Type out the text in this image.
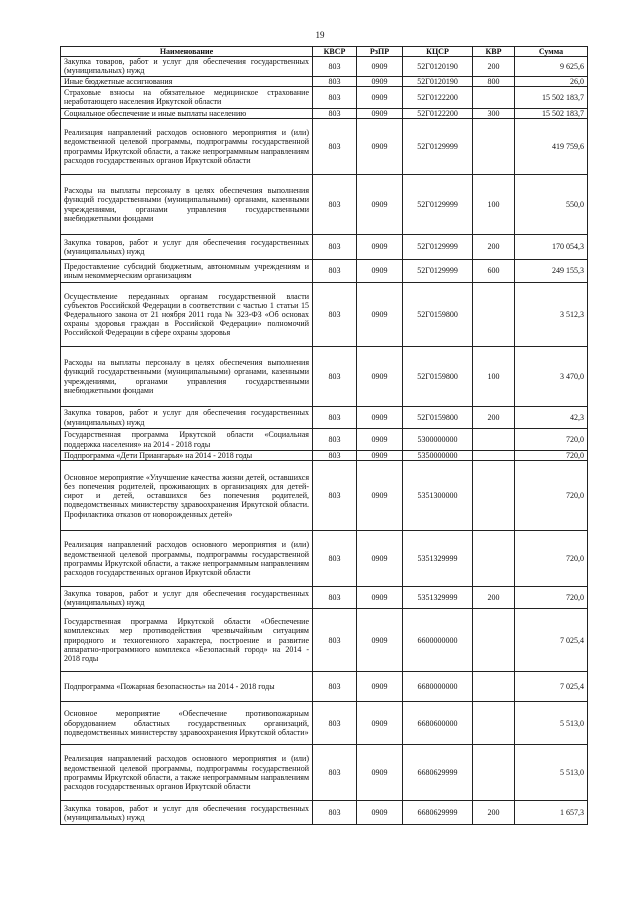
19
Наименование	КВСР	РзПР	КЦСР	КВР	Сумма
Закупка товаров, работ и услуг для обеспечения государственных (муниципальных) нужд	803	0909	52Г0120190	200	9 625,6
Иные бюджетные ассигнования	803	0909	52Г0120190	800	26,0
Страховые взносы на обязательное медицинское страхование неработающего населения Иркутской области	803	0909	52Г0122200		15 502 183,7
Социальное обеспечение и иные выплаты населению	803	0909	52Г0122200	300	15 502 183,7
Реализация направлений расходов основного мероприятия и (или) ведомственной целевой программы, подпрограммы государственной программы Иркутской области, а также непрограммным направлениям расходов государственных органов Иркутской области	803	0909	52Г0129999		419 759,6
Расходы на выплаты персоналу в целях обеспечения выполнения функций государственными (муниципальными) органами, казенными учреждениями, органами управления государственными внебюджетными фондами	803	0909	52Г0129999	100	550,0
Закупка товаров, работ и услуг для обеспечения государственных (муниципальных) нужд	803	0909	52Г0129999	200	170 054,3
Предоставление субсидий бюджетным, автономным учреждениям и иным некоммерческим организациям	803	0909	52Г0129999	600	249 155,3
Осуществление переданных органам государственной власти субъектов Российской Федерации в соответствии с частью 1 статьи 15 Федерального закона от 21 ноября 2011 года № 323-ФЗ «Об основах охраны здоровья граждан в Российской Федерации» полномочий Российской Федерации в сфере охраны здоровья	803	0909	52Г0159800		3 512,3
Расходы на выплаты персоналу в целях обеспечения выполнения функций государственными (муниципальными) органами, казенными учреждениями, органами управления государственными внебюджетными фондами	803	0909	52Г0159800	100	3 470,0
Закупка товаров, работ и услуг для обеспечения государственных (муниципальных) нужд	803	0909	52Г0159800	200	42,3
Государственная программа Иркутской области «Социальная поддержка населения» на 2014 - 2018 годы	803	0909	5300000000		720,0
Подпрограмма «Дети Приангарья» на 2014 - 2018 годы	803	0909	5350000000		720,0
Основное мероприятие «Улучшение качества жизни детей, оставшихся без попечения родителей, проживающих в организациях для детей-сирот и детей, оставшихся без попечения родителей, подведомственных министерству здравоохранения Иркутской области. Профилактика отказов от новорожденных детей»	803	0909	5351300000		720,0
Реализация направлений расходов основного мероприятия и (или) ведомственной целевой программы, подпрограммы государственной программы Иркутской области, а также непрограммным направлениям расходов государственных органов Иркутской области	803	0909	5351329999		720,0
Закупка товаров, работ и услуг для обеспечения государственных (муниципальных) нужд	803	0909	5351329999	200	720,0
Государственная программа Иркутской области «Обеспечение комплексных мер противодействия чрезвычайным ситуациям природного и техногенного характера, построение и развитие аппаратно-программного комплекса «Безопасный город» на 2014 - 2018 годы	803	0909	6600000000		7 025,4
Подпрограмма «Пожарная безопасность» на 2014 - 2018 годы	803	0909	6680000000		7 025,4
Основное мероприятие «Обеспечение противопожарным оборудованием областных государственных организаций, подведомственных министерству здравоохранения Иркутской области»	803	0909	6680600000		5 513,0
Реализация направлений расходов основного мероприятия и (или) ведомственной целевой программы, подпрограммы государственной программы Иркутской области, а также непрограммным направлениям расходов государственных органов Иркутской области	803	0909	6680629999		5 513,0
Закупка товаров, работ и услуг для обеспечения государственных (муниципальных) нужд	803	0909	6680629999	200	1 657,3
